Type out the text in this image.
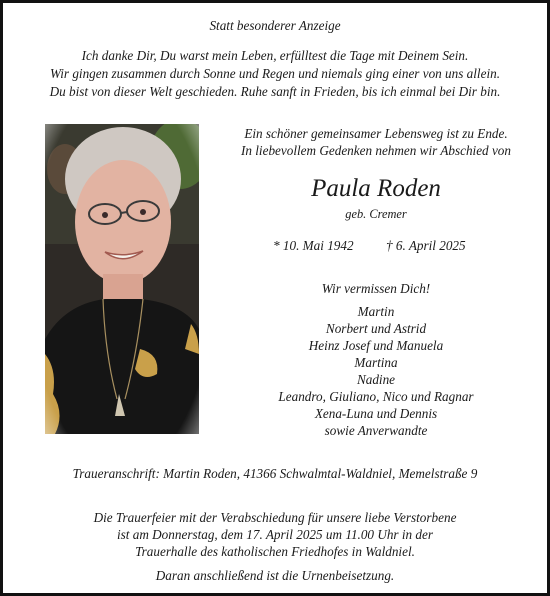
Statt besonderer Anzeige
Ich danke Dir, Du warst mein Leben, erfülltest die Tage mit Deinem Sein.
Wir gingen zusammen durch Sonne und Regen und niemals ging einer von uns allein.
Du bist von dieser Welt geschieden. Ruhe sanft in Frieden, bis ich einmal bei Dir bin.
Ein schöner gemeinsamer Lebensweg ist zu Ende.
In liebevollem Gedenken nehmen wir Abschied von
Paula Roden
geb. Cremer
* 10. Mai 1942 † 6. April 2025
Wir vermissen Dich!
Martin
Norbert und Astrid
Heinz Josef und Manuela
Martina
Nadine
Leandro, Giuliano, Nico und Ragnar
Xena-Luna und Dennis
sowie Anverwandte
Traueranschrift: Martin Roden, 41366 Schwalmtal-Waldniel, Memelstraße 9
Die Trauerfeier mit der Verabschiedung für unsere liebe Verstorbene
ist am Donnerstag, dem 17. April 2025 um 11.00 Uhr in der
Trauerhalle des katholischen Friedhofes in Waldniel.
Daran anschließend ist die Urnenbeisetzung.
